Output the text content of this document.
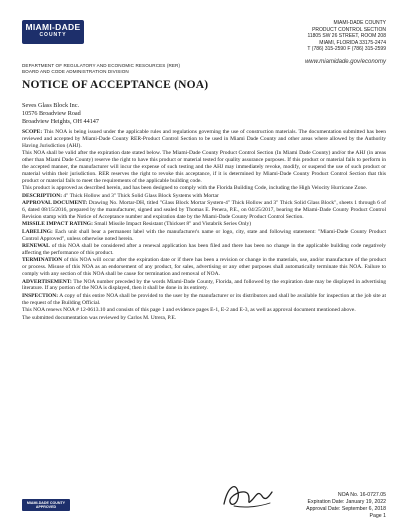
MIAMI-DADE
COUNTY
MIAMI-DADE COUNTY
PRODUCT CONTROL SECTION
11805 SW 26 STREET, ROOM 208
MIAMI, FLORIDA 33175-2474
T (786) 315-2590 F (786) 315-2599
www.miamidade.gov/economy
DEPARTMENT OF REGULATORY AND ECONOMIC RESOURCES (RER)
BOARD AND CODE ADMINISTRATION DIVISION
NOTICE OF ACCEPTANCE (NOA)
Seves Glass Block Inc.
10576 Broadview Road
Broadview Heights, OH 44147

SCOPE: This NOA is being issued under the applicable rules and regulations governing the use of construction materials. The documentation submitted has been reviewed and accepted by Miami-Dade County RER-Product Control Section to be used in Miami Dade County and other areas where allowed by the Authority Having Jurisdiction (AHJ).

This NOA shall be valid after the expiration date stated below. The Miami-Dade County Product Control Section (In Miami Dade County) and/or the AHJ (in areas other than Miami Dade County) reserve the right to have this product or material tested for quality assurance purposes. If this product or material fails to perform in the accepted manner, the manufacturer will incur the expense of such testing and the AHJ may immediately revoke, modify, or suspend the use of such product or material within their jurisdiction. RER reserves the right to revoke this acceptance, if it is determined by Miami-Dade County Product Control Section that this product or material fails to meet the requirements of the applicable building code.

This product is approved as described herein, and has been designed to comply with the Florida Building Code, including the High Velocity Hurricane Zone.

DESCRIPTION: 4" Thick Hollow and 3" Thick Solid Glass Block Systems with Mortar

APPROVAL DOCUMENT: Drawing No. Mortar-DH, titled "Glass Block Mortar System-4" Thick Hollow and 3" Thick Solid Glass Block", sheets 1 through 6 of 6, dated 08/15/2016, prepared by the manufacturer, signed and sealed by Thomas E. Penera, P.E., on 04/25/2017, bearing the Miami-Dade County Product Control Revision stamp with the Notice of Acceptance number and expiration date by the Miami-Dade County Product Control Section.

MISSILE IMPACT RATING: Small Missile Impact Resistant (Thickset 8" and Vistabrik Series Only)

LABELING: Each unit shall bear a permanent label with the manufacturer's name or logo, city, state and following statement: "Miami-Dade County Product Control Approved", unless otherwise noted herein.

RENEWAL of this NOA shall be considered after a renewal application has been filed and there has been no change in the applicable building code negatively affecting the performance of this product.

TERMINATION of this NOA will occur after the expiration date or if there has been a revision or change in the materials, use, and/or manufacture of the product or process. Misuse of this NOA as an endorsement of any product, for sales, advertising or any other purposes shall automatically terminate this NOA. Failure to comply with any section of this NOA shall be cause for termination and removal of NOA.

ADVERTISEMENT: The NOA number preceded by the words Miami-Dade County, Florida, and followed by the expiration date may be displayed in advertising literature. If any portion of the NOA is displayed, then it shall be done in its entirety.

INSPECTION: A copy of this entire NOA shall be provided to the user by the manufacturer or its distributors and shall be available for inspection at the job site at the request of the Building Official.

This NOA renews NOA # 12-0613.10 and consists of this page 1 and evidence pages E-1, E-2 and E-3, as well as approval document mentioned above.

The submitted documentation was reviewed by Carlos M. Utrera, P.E.

MIAMI-DADE COUNTY
APPROVED
NOA No. 16-0727.05
Expiration Date: January 19, 2022
Approval Date: September 6, 2018
Page 1
